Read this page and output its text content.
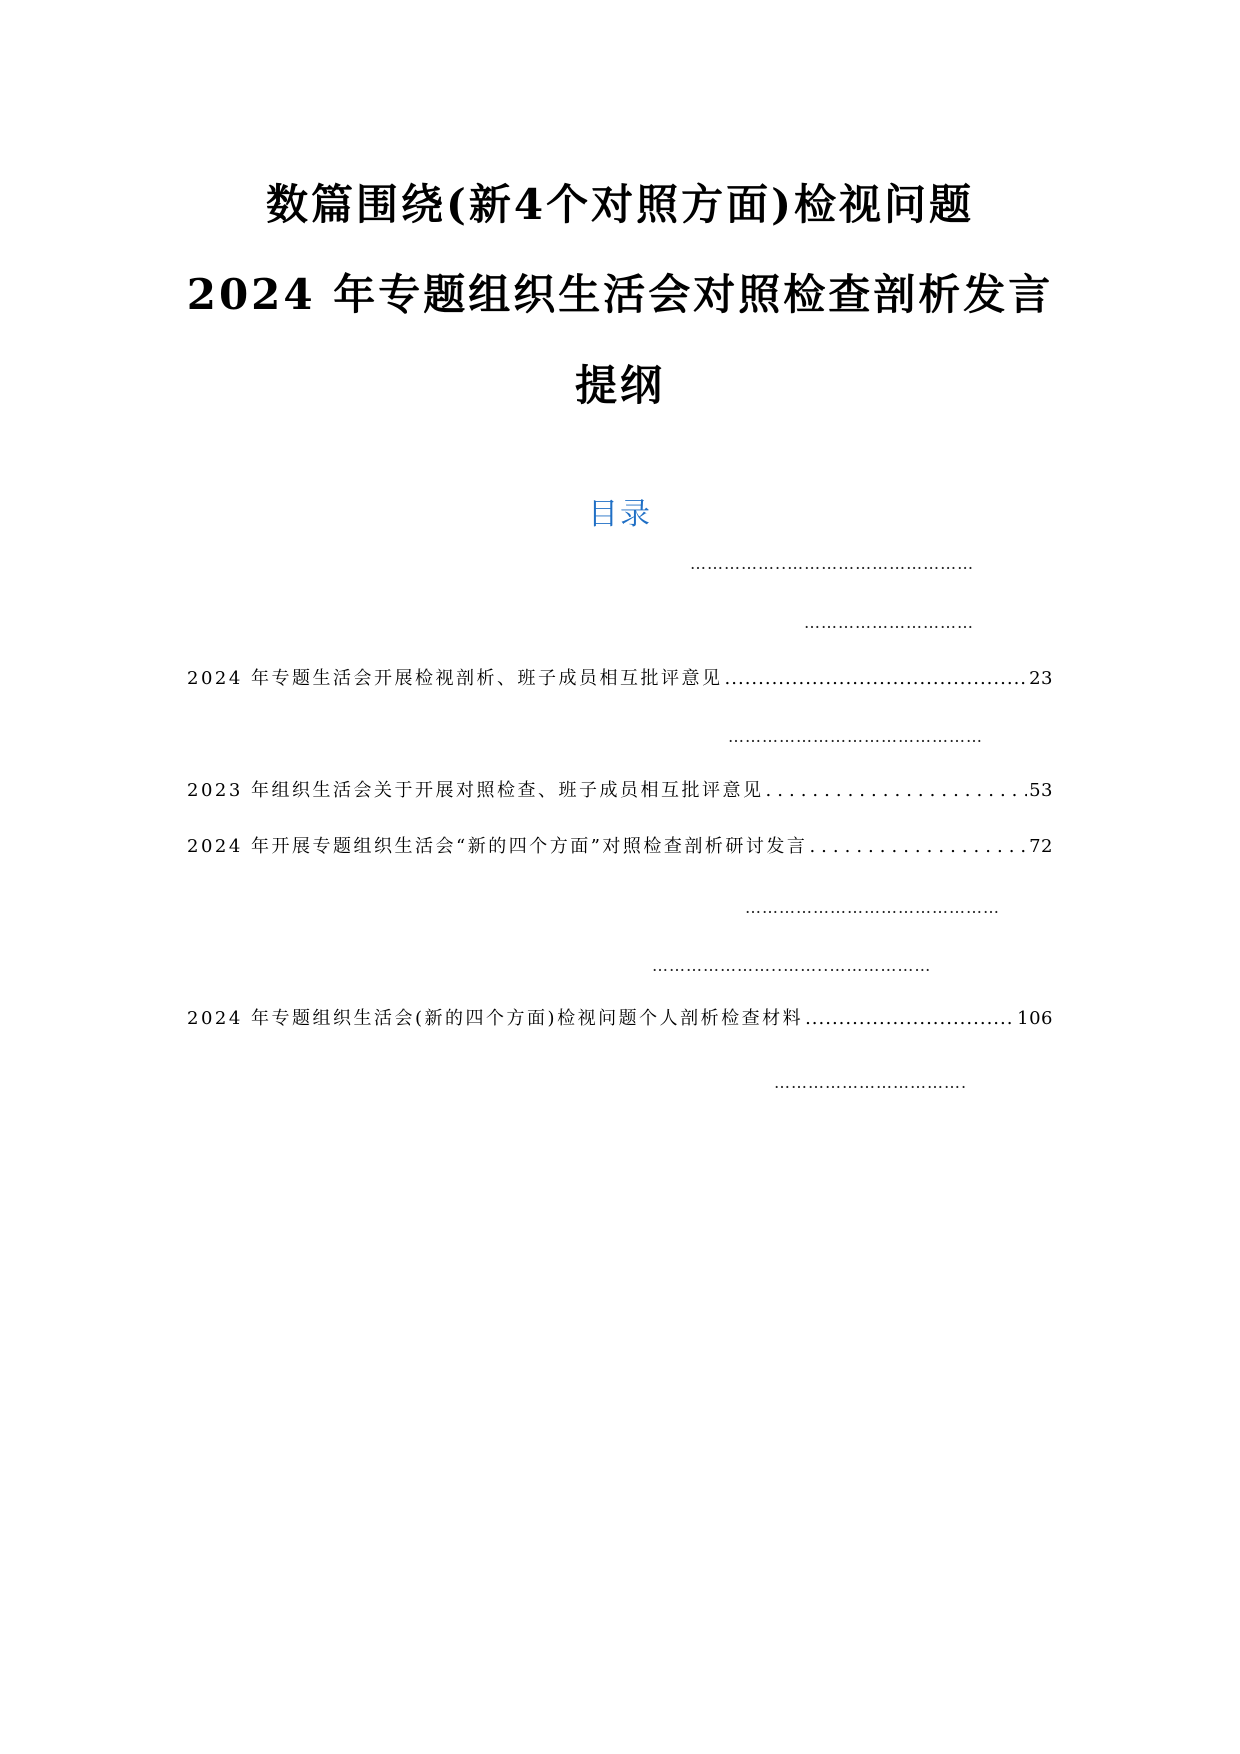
数篇围绕(新4个对照方面)检视问题
2024 年专题组织生活会对照检查剖析发言
提纲
目录
……………..……………………………
…………………………
2024 年专题生活会开展检视剖析、班子成员相互批评意见 .....	23
………………………………………
2023 年组织生活会关于开展对照检查、班子成员相互批评意见 .....	53
2024 年开展专题组织生活会“新的四个方面”对照检查剖析研讨发言 .....	72
………………………………………
…………………..……..………………
2024 年专题组织生活会(新的四个方面)检视问题个人剖析检查材料 .....	106
…………………………….
